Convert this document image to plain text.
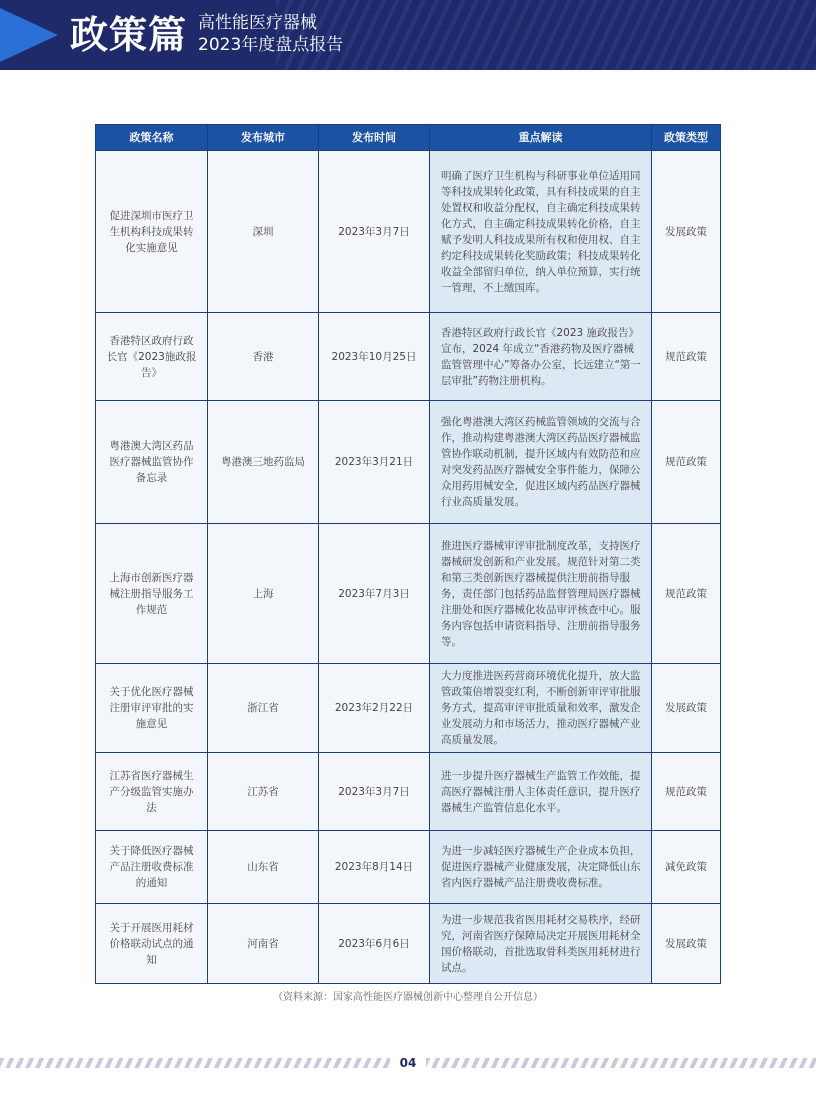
政策篇 高性能医疗器械
2023年度盘点报告
政策名称	发布城市	发布时间	重点解读	政策类型
促进深圳市医疗卫生机构科技成果转化实施意见	深圳	2023年3月7日	明确了医疗卫生机构与科研事业单位适用同等科技成果转化政策，具有科技成果的自主处置权和收益分配权，自主确定科技成果转化方式，自主确定科技成果转化价格，自主赋予发明人科技成果所有权和使用权、自主约定科技成果转化奖励政策；科技成果转化收益全部留归单位，纳入单位预算，实行统一管理，不上缴国库。	发展政策
香港特区政府行政长官《2023施政报告》	香港	2023年10月25日	香港特区政府行政长官《2023 施政报告》宣布，2024 年成立“香港药物及医疗器械监管管理中心”筹备办公室，长远建立“第一层审批”药物注册机构。	规范政策
粤港澳大湾区药品医疗器械监管协作备忘录	粤港澳三地药监局	2023年3月21日	强化粤港澳大湾区药械监管领域的交流与合作，推动构建粤港澳大湾区药品医疗器械监管协作联动机制，提升区域内有效防范和应对突发药品医疗器械安全事件能力，保障公众用药用械安全，促进区域内药品医疗器械行业高质量发展。	规范政策
上海市创新医疗器械注册指导服务工作规范	上海	2023年7月3日	推进医疗器械审评审批制度改革，支持医疗器械研发创新和产业发展。规范针对第二类和第三类创新医疗器械提供注册前指导服务，责任部门包括药品监督管理局医疗器械注册处和医疗器械化妆品审评核查中心。服务内容包括申请资料指导、注册前指导服务等。	规范政策
关于优化医疗器械注册审评审批的实施意见	浙江省	2023年2月22日	大力度推进医药营商环境优化提升，放大监管政策倍增裂变红利，不断创新审评审批服务方式，提高审评审批质量和效率，激发企业发展动力和市场活力，推动医疗器械产业高质量发展。	发展政策
江苏省医疗器械生产分级监管实施办法	江苏省	2023年3月7日	进一步提升医疗器械生产监管工作效能，提高医疗器械注册人主体责任意识，提升医疗器械生产监管信息化水平。	规范政策
关于降低医疗器械产品注册收费标准的通知	山东省	2023年8月14日	为进一步减轻医疗器械生产企业成本负担，促进医疗器械产业健康发展，决定降低山东省内医疗器械产品注册费收费标准。	减免政策
关于开展医用耗材价格联动试点的通知	河南省	2023年6月6日	为进一步规范我省医用耗材交易秩序，经研究，河南省医疗保障局决定开展医用耗材全国价格联动，首批选取骨科类医用耗材进行试点。	发展政策
（资料来源：国家高性能医疗器械创新中心整理自公开信息）
04
